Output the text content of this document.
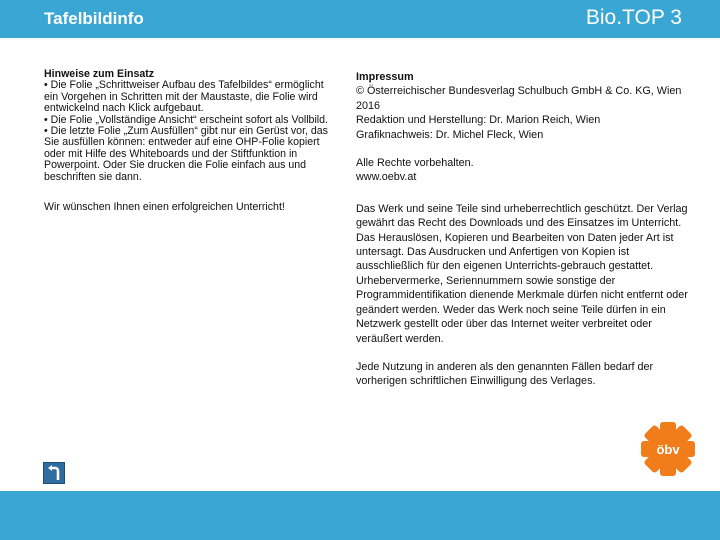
Tafelbildinfo	Bio.TOP 3
Hinweise zum Einsatz
• Die Folie „Schrittweiser Aufbau des Tafelbildes“ ermöglicht ein Vorgehen in Schritten mit der Maustaste, die Folie wird entwickelnd nach Klick aufgebaut.
• Die Folie „Vollständige Ansicht“ erscheint sofort als Vollbild.
• Die letzte Folie „Zum Ausfüllen“ gibt nur ein Gerüst vor, das Sie ausfüllen können: entweder auf eine OHP-Folie kopiert oder mit Hilfe des Whiteboards und der Stiftfunktion in Powerpoint. Oder Sie drucken die Folie einfach aus und beschriften sie dann.
Wir wünschen Ihnen einen erfolgreichen Unterricht!
Impressum
© Österreichischer Bundesverlag Schulbuch GmbH & Co. KG, Wien 2016
Redaktion und Herstellung: Dr. Marion Reich, Wien
Grafiknachweis: Dr. Michel Fleck, Wien
Alle Rechte vorbehalten.
www.oebv.at
Das Werk und seine Teile sind urheberrechtlich geschützt. Der Verlag gewährt das Recht des Downloads und des Einsatzes im Unterricht. Das Herauslösen, Kopieren und Bearbeiten von Daten jeder Art ist untersagt. Das Ausdrucken und Anfertigen von Kopien ist ausschließlich für den eigenen Unterrichts-gebrauch gestattet. Urhebervermerke, Seriennummern sowie sonstige der Programmidentifikation dienende Merkmale dürfen nicht entfernt oder geändert werden. Weder das Werk noch seine Teile dürfen in ein Netzwerk gestellt oder über das Internet weiter verbreitet oder veräußert werden.
Jede Nutzung in anderen als den genannten Fällen bedarf der vorherigen schriftlichen Einwilligung des Verlages.
öbv
